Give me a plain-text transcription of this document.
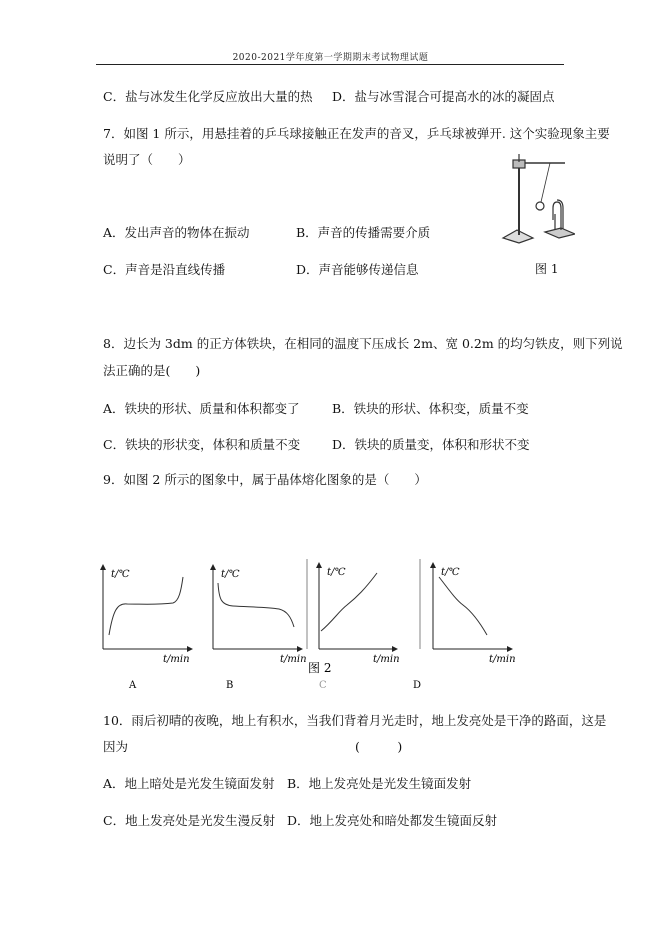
2020-2021学年度第一学期期末考试物理试题
C．盐与冰发生化学反应放出大量的热 D．盐与冰雪混合可提高水的冰的凝固点
7．如图 1 所示，用悬挂着的乒乓球接触正在发声的音叉，乒乓球被弹开. 这个实验现象主要
说明了（　　）
A．发出声音的物体在振动	B．声音的传播需要介质
C．声音是沿直线传播	D．声音能够传递信息	图 1
8．边长为 3dm 的正方体铁块，在相同的温度下压成长 2m、宽 0.2m 的均匀铁皮，则下列说
法正确的是(　　)
A．铁块的形状、质量和体积都变了	B．铁块的形状、体积变，质量不变
C．铁块的形状变，体积和质量不变	D．铁块的质量变，体积和形状不变
9．如图 2 所示的图象中，属于晶体熔化图象的是（　　）
t/℃	t/℃
t/min
t/℃
t/min
t/℃
t/min
t/min
图 2
A	B	C	D
10．雨后初晴的夜晚，地上有积水，当我们背着月光走时，地上发亮处是干净的路面，这是
因为	(　　　)
A．地上暗处是光发生镜面发射 B．地上发亮处是光发生镜面发射
C．地上发亮处是光发生漫反射 D．地上发亮处和暗处都发生镜面反射
